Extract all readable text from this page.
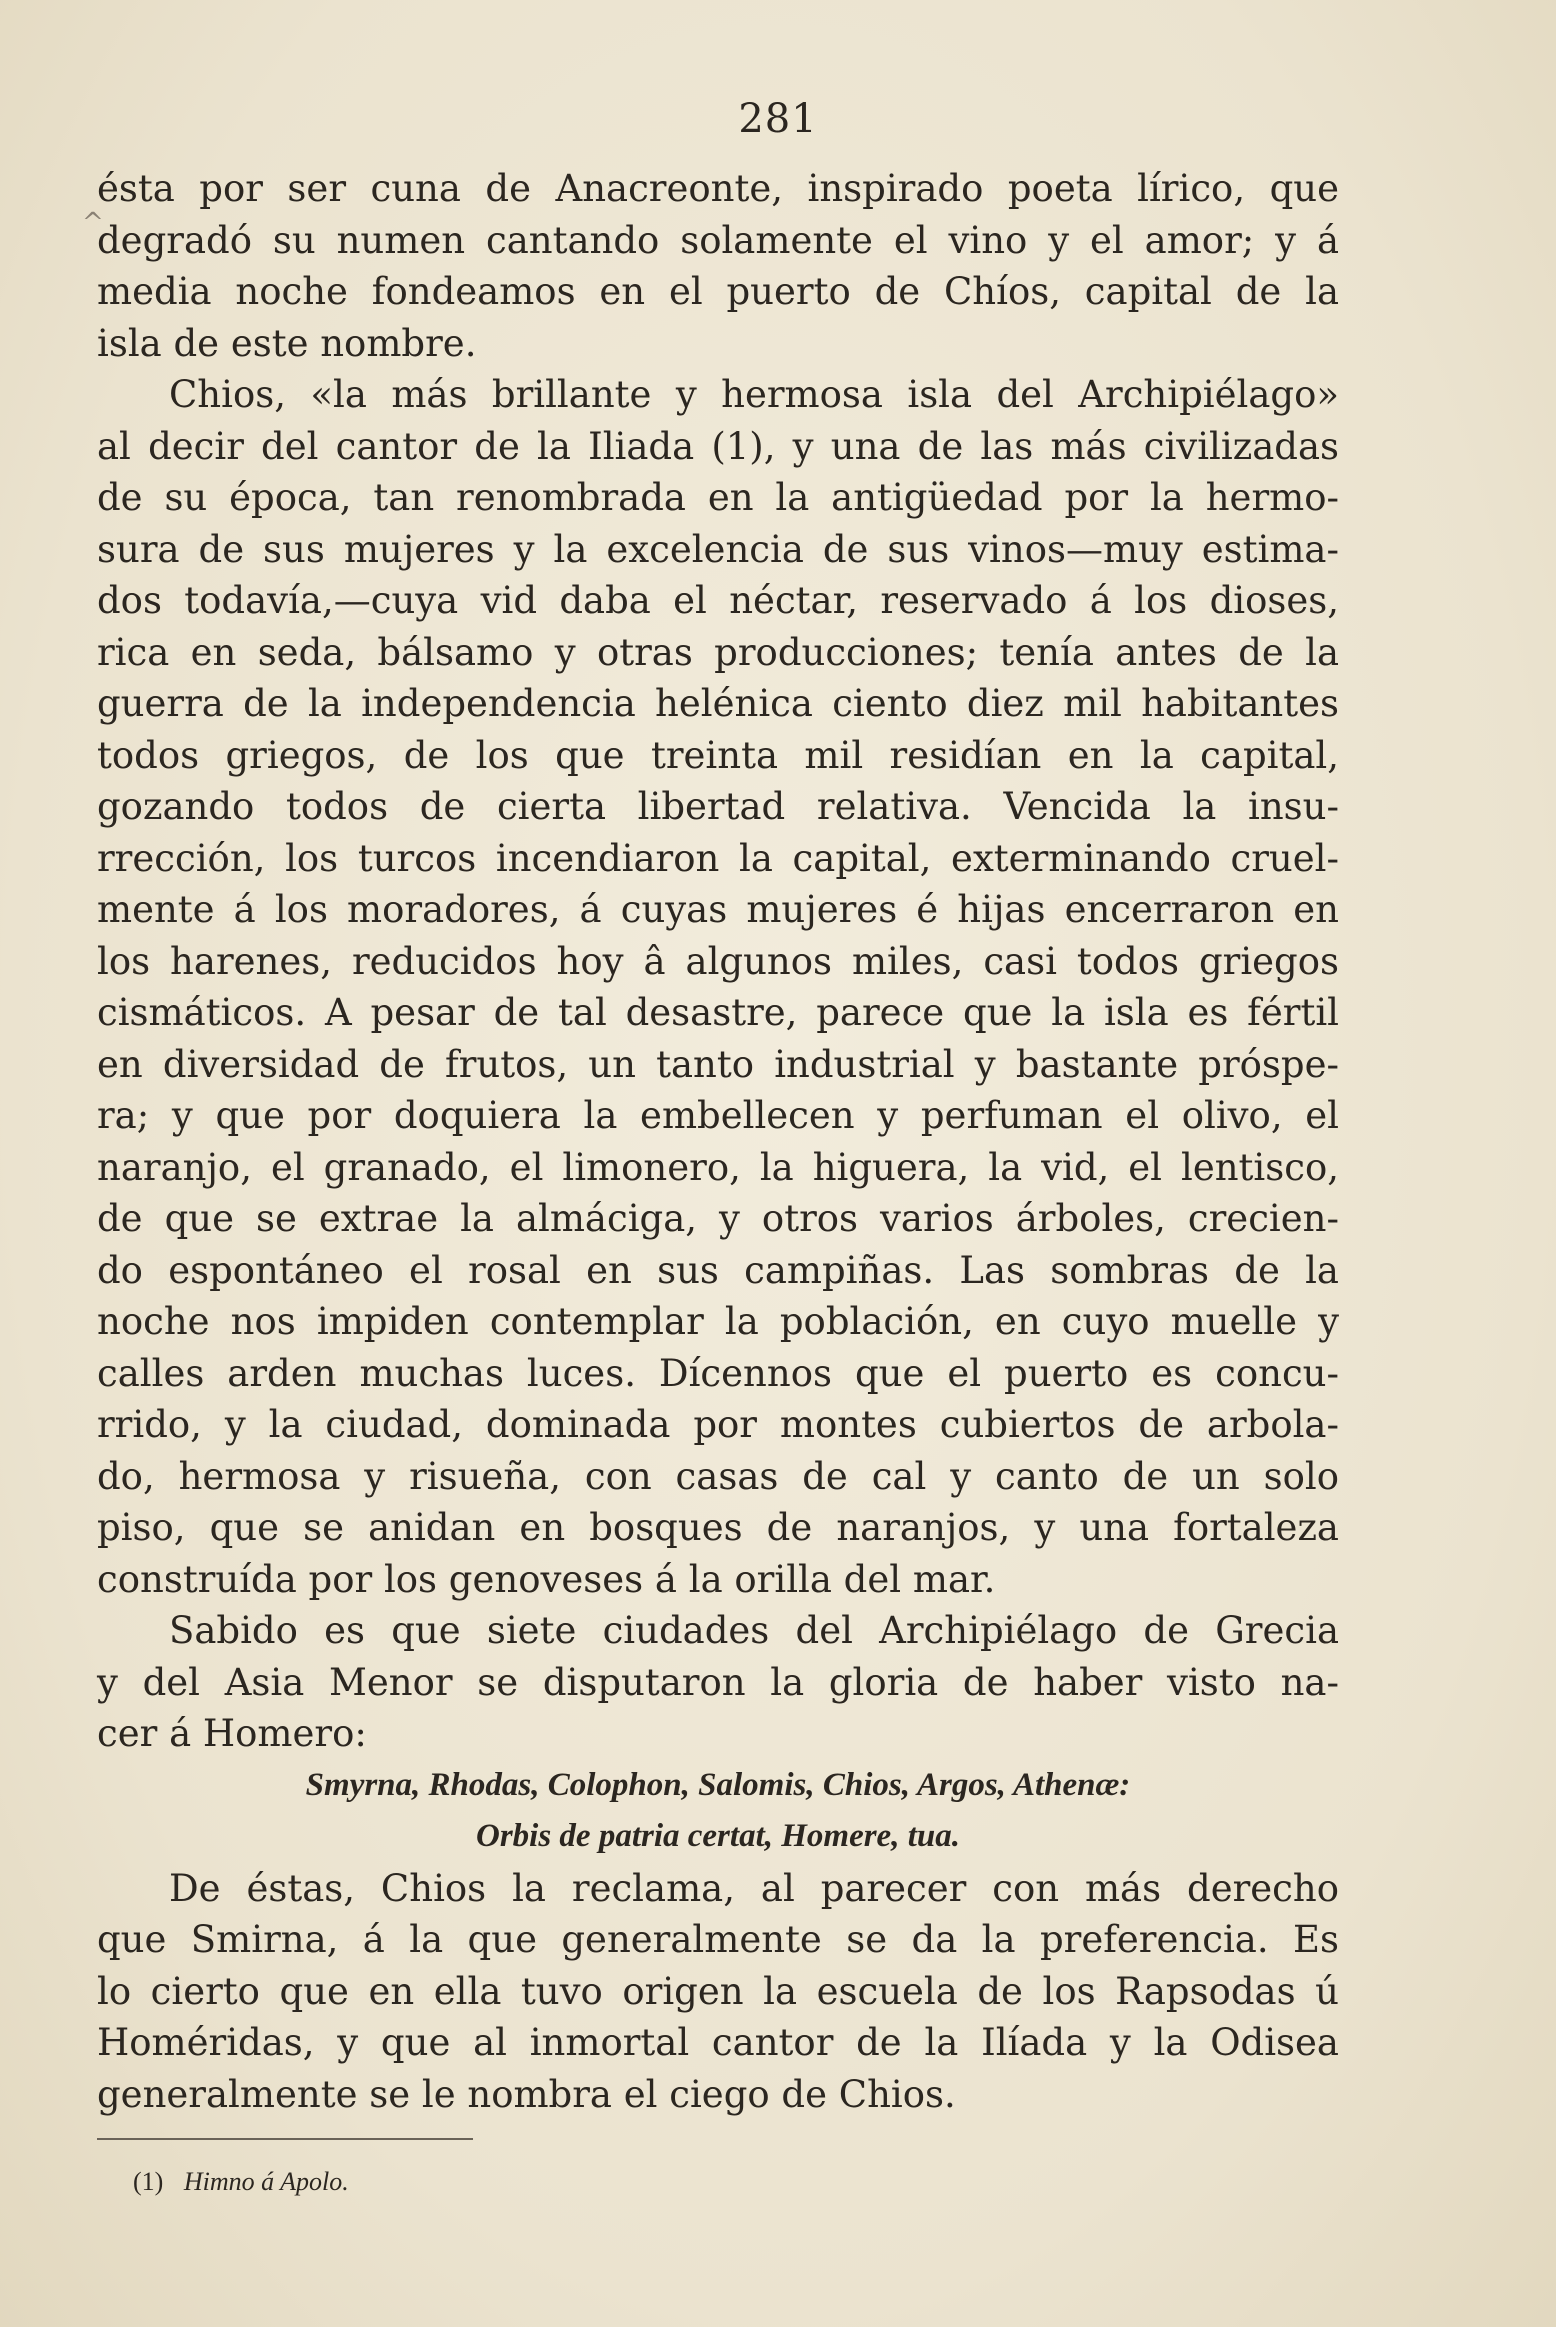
281
^
ésta por ser cuna de Anacreonte, inspirado poeta lírico, que
degradó su numen cantando solamente el vino y el amor; y á
media noche fondeamos en el puerto de Chíos, capital de la
isla de este nombre.
Chios, «la más brillante y hermosa isla del Archipiélago»
al decir del cantor de la Iliada (1), y una de las más civilizadas
de su época, tan renombrada en la antigüedad por la hermo-
sura de sus mujeres y la excelencia de sus vinos—muy estima-
dos todavía,—cuya vid daba el néctar, reservado á los dioses,
rica en seda, bálsamo y otras producciones; tenía antes de la
guerra de la independencia helénica ciento diez mil habitantes
todos griegos, de los que treinta mil residían en la capital,
gozando todos de cierta libertad relativa. Vencida la insu-
rrección, los turcos incendiaron la capital, exterminando cruel-
mente á los moradores, á cuyas mujeres é hijas encerraron en
los harenes, reducidos hoy â algunos miles, casi todos griegos
cismáticos. A pesar de tal desastre, parece que la isla es fértil
en diversidad de frutos, un tanto industrial y bastante próspe-
ra; y que por doquiera la embellecen y perfuman el olivo, el
naranjo, el granado, el limonero, la higuera, la vid, el lentisco,
de que se extrae la almáciga, y otros varios árboles, crecien-
do espontáneo el rosal en sus campiñas. Las sombras de la
noche nos impiden contemplar la población, en cuyo muelle y
calles arden muchas luces. Dícennos que el puerto es concu-
rrido, y la ciudad, dominada por montes cubiertos de arbola-
do, hermosa y risueña, con casas de cal y canto de un solo
piso, que se anidan en bosques de naranjos, y una fortaleza
construída por los genoveses á la orilla del mar.
Sabido es que siete ciudades del Archipiélago de Grecia
y del Asia Menor se disputaron la gloria de haber visto na-
cer á Homero:
Smyrna, Rhodas, Colophon, Salomis, Chios, Argos, Athenæ:
Orbis de patria certat, Homere, tua.
De éstas, Chios la reclama, al parecer con más derecho
que Smirna, á la que generalmente se da la preferencia. Es
lo cierto que en ella tuvo origen la escuela de los Rapsodas ú
Homéridas, y que al inmortal cantor de la Ilíada y la Odisea
generalmente se le nombra el ciego de Chios.
(1) Himno á Apolo.
